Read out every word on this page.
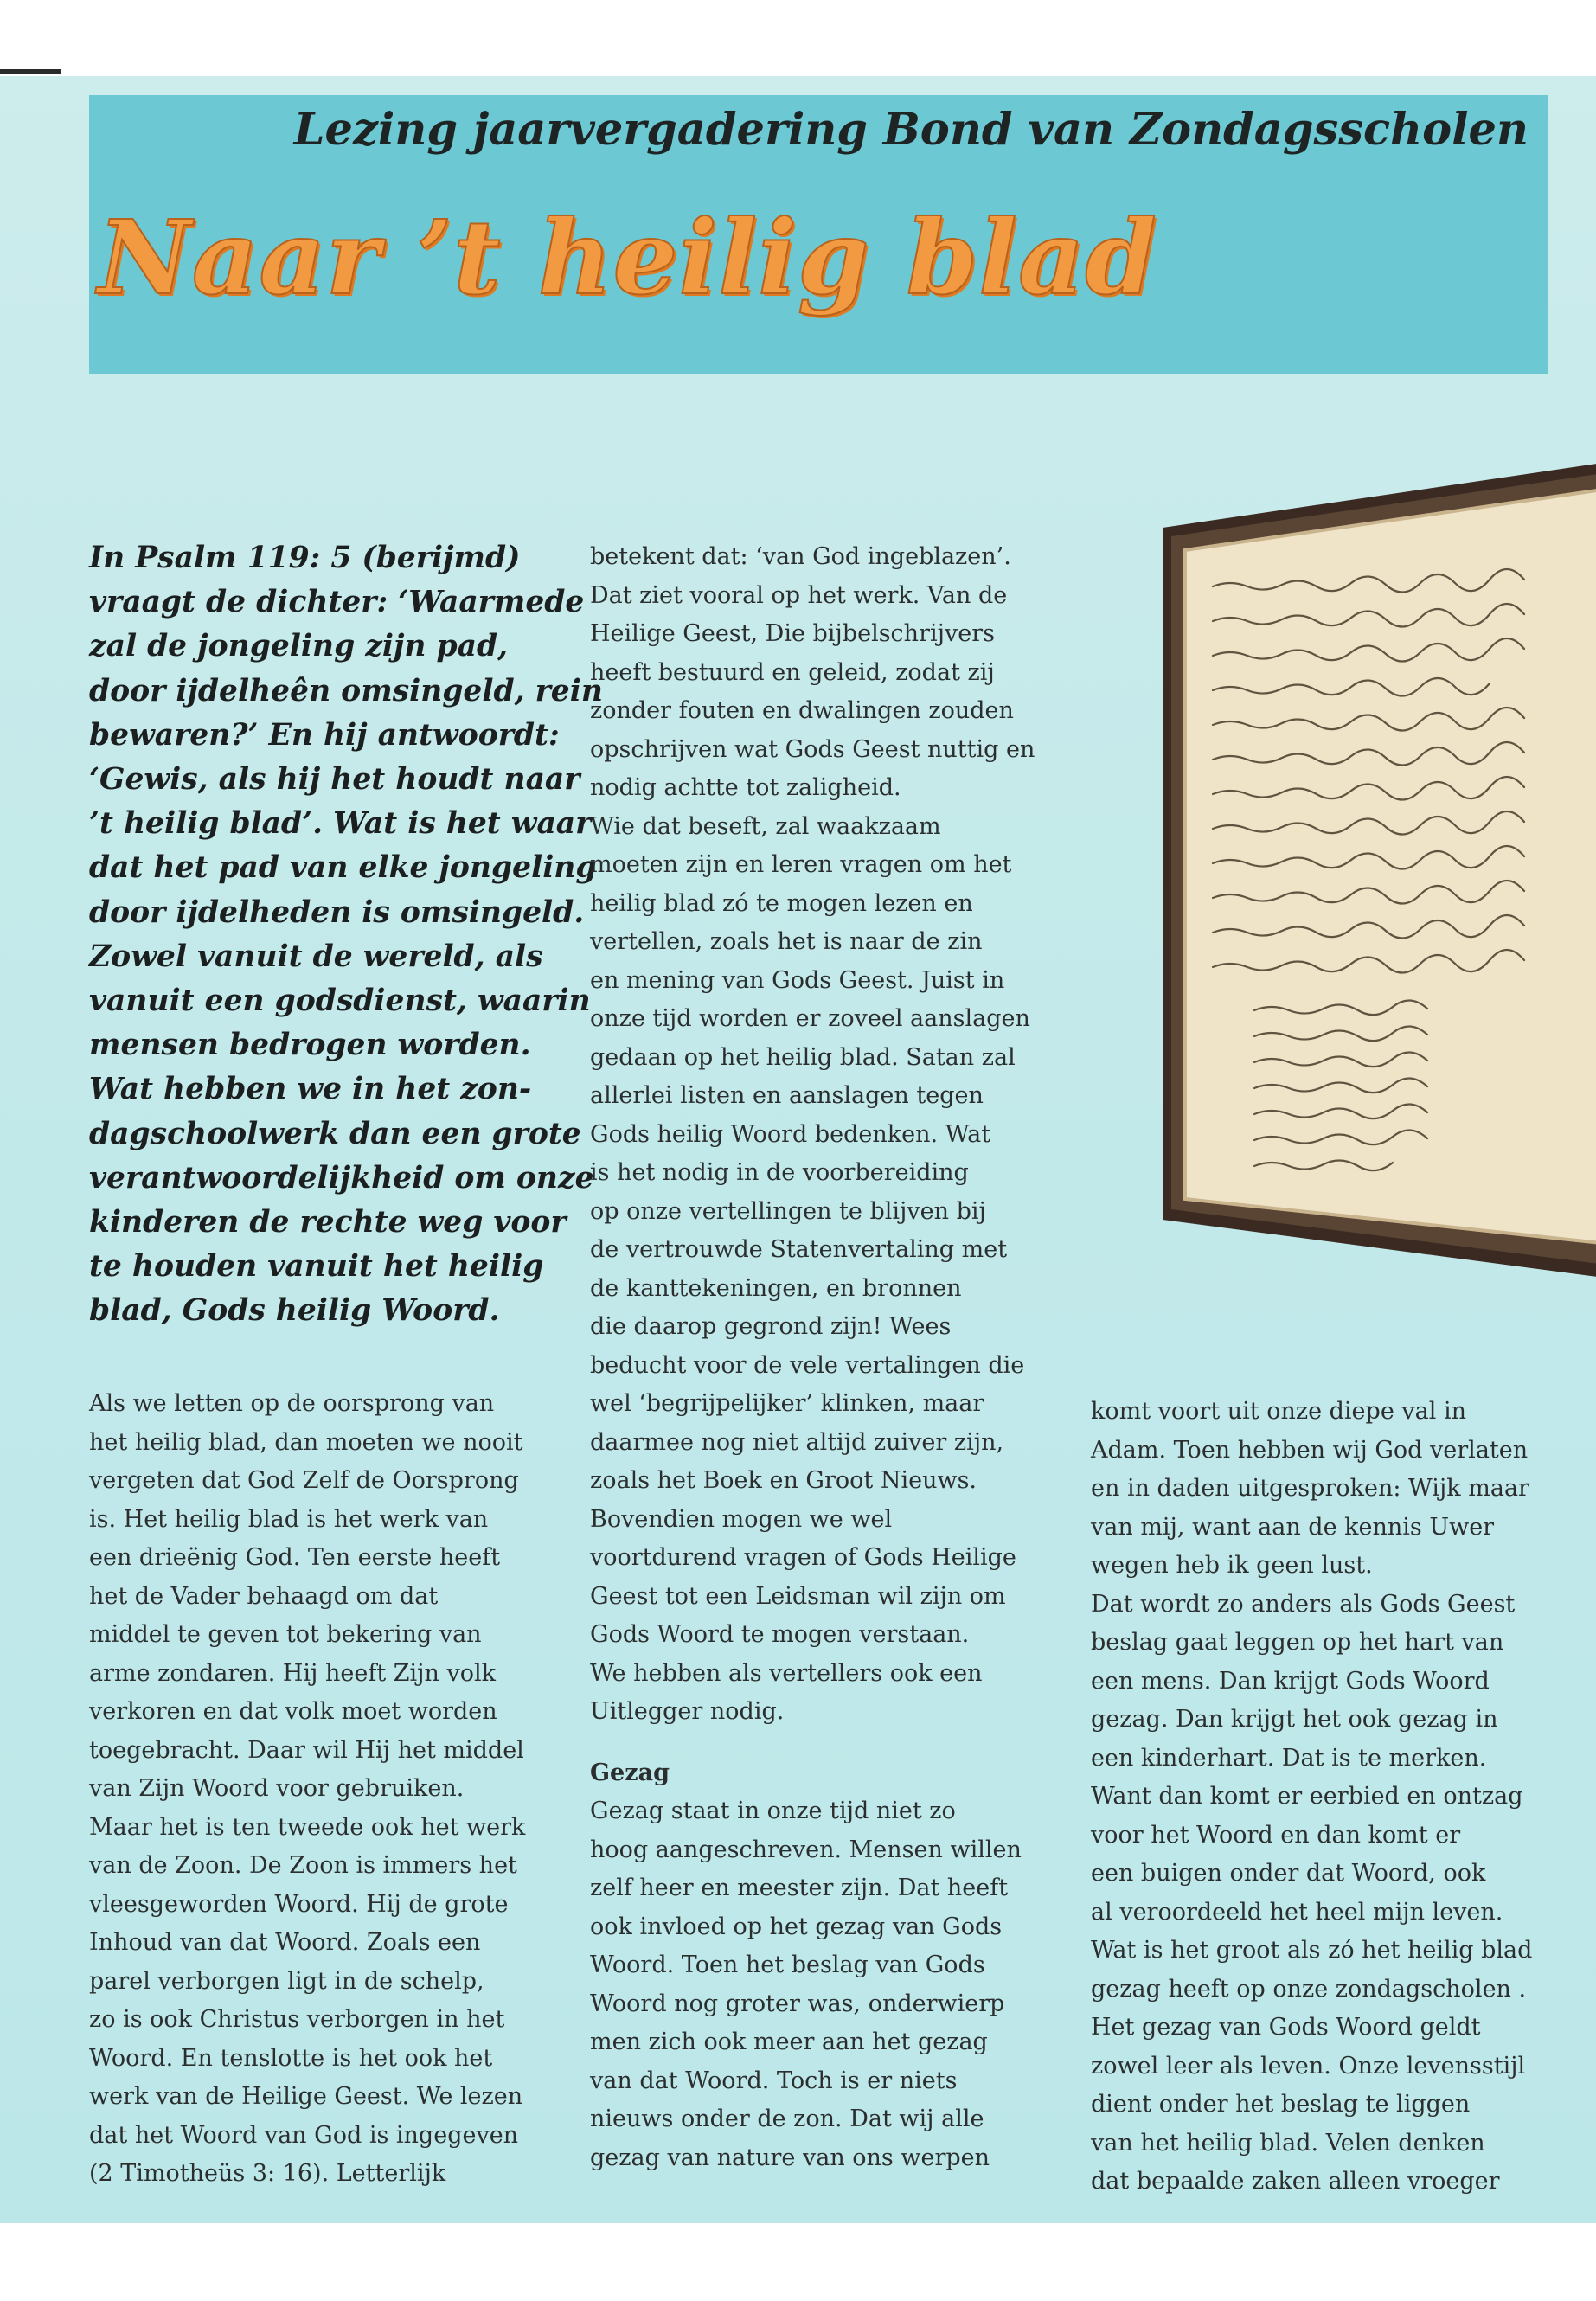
Lezing jaarvergadering Bond van Zondagsscholen
Naar ’t heilig blad

In Psalm 119: 5 (berijmd)

vraagt de dichter: ‘Waarmede

zal de jongeling zijn pad,

door ijdelheên omsingeld, rein

bewaren?’ En hij antwoordt:

‘Gewis, als hij het houdt naar

’t heilig blad’. Wat is het waar

dat het pad van elke jongeling

door ijdelheden is omsingeld.

Zowel vanuit de wereld, als

vanuit een godsdienst, waarin

mensen bedrogen worden.

Wat hebben we in het zon-

dagschoolwerk dan een grote

verantwoordelijkheid om onze

kinderen de rechte weg voor

te houden vanuit het heilig

blad, Gods heilig Woord.

Als we letten op de oorsprong van

het heilig blad, dan moeten we nooit

vergeten dat God Zelf de Oorsprong

is. Het heilig blad is het werk van

een drieënig God. Ten eerste heeft

het de Vader behaagd om dat

middel te geven tot bekering van

arme zondaren. Hij heeft Zijn volk

verkoren en dat volk moet worden

toegebracht. Daar wil Hij het middel

van Zijn Woord voor gebruiken.

Maar het is ten tweede ook het werk

van de Zoon. De Zoon is immers het

vleesgeworden Woord. Hij de grote

Inhoud van dat Woord. Zoals een

parel verborgen ligt in de schelp,

zo is ook Christus verborgen in het

Woord. En tenslotte is het ook het

werk van de Heilige Geest. We lezen

dat het Woord van God is ingegeven

(2 Timotheüs 3: 16). Letterlijk

betekent dat: ‘van God ingeblazen’.

Dat ziet vooral op het werk. Van de

Heilige Geest, Die bijbelschrijvers

heeft bestuurd en geleid, zodat zij

zonder fouten en dwalingen zouden

opschrijven wat Gods Geest nuttig en

nodig achtte tot zaligheid.

Wie dat beseft, zal waakzaam

moeten zijn en leren vragen om het

heilig blad zó te mogen lezen en

vertellen, zoals het is naar de zin

en mening van Gods Geest. Juist in

onze tijd worden er zoveel aanslagen

gedaan op het heilig blad. Satan zal

allerlei listen en aanslagen tegen

Gods heilig Woord bedenken. Wat

is het nodig in de voorbereiding

op onze vertellingen te blijven bij

de vertrouwde Statenvertaling met

de kanttekeningen, en bronnen

die daarop gegrond zijn! Wees

beducht voor de vele vertalingen die

wel ‘begrijpelijker’ klinken, maar

daarmee nog niet altijd zuiver zijn,

zoals het Boek en Groot Nieuws.

Bovendien mogen we wel

voortdurend vragen of Gods Heilige

Geest tot een Leidsman wil zijn om

Gods Woord te mogen verstaan.

We hebben als vertellers ook een

Uitlegger nodig.

Gezag

Gezag staat in onze tijd niet zo

hoog aangeschreven. Mensen willen

zelf heer en meester zijn. Dat heeft

ook invloed op het gezag van Gods

Woord. Toen het beslag van Gods

Woord nog groter was, onderwierp

men zich ook meer aan het gezag

van dat Woord. Toch is er niets

nieuws onder de zon. Dat wij alle

gezag van nature van ons werpen

komt voort uit onze diepe val in

Adam. Toen hebben wij God verlaten

en in daden uitgesproken: Wijk maar

van mij, want aan de kennis Uwer

wegen heb ik geen lust.

Dat wordt zo anders als Gods Geest

beslag gaat leggen op het hart van

een mens. Dan krijgt Gods Woord

gezag. Dan krijgt het ook gezag in

een kinderhart. Dat is te merken.

Want dan komt er eerbied en ontzag

voor het Woord en dan komt er

een buigen onder dat Woord, ook

al veroordeeld het heel mijn leven.

Wat is het groot als zó het heilig blad

gezag heeft op onze zondagscholen .

Het gezag van Gods Woord geldt

zowel leer als leven. Onze levensstijl

dient onder het beslag te liggen

van het heilig blad. Velen denken

dat bepaalde zaken alleen vroeger
